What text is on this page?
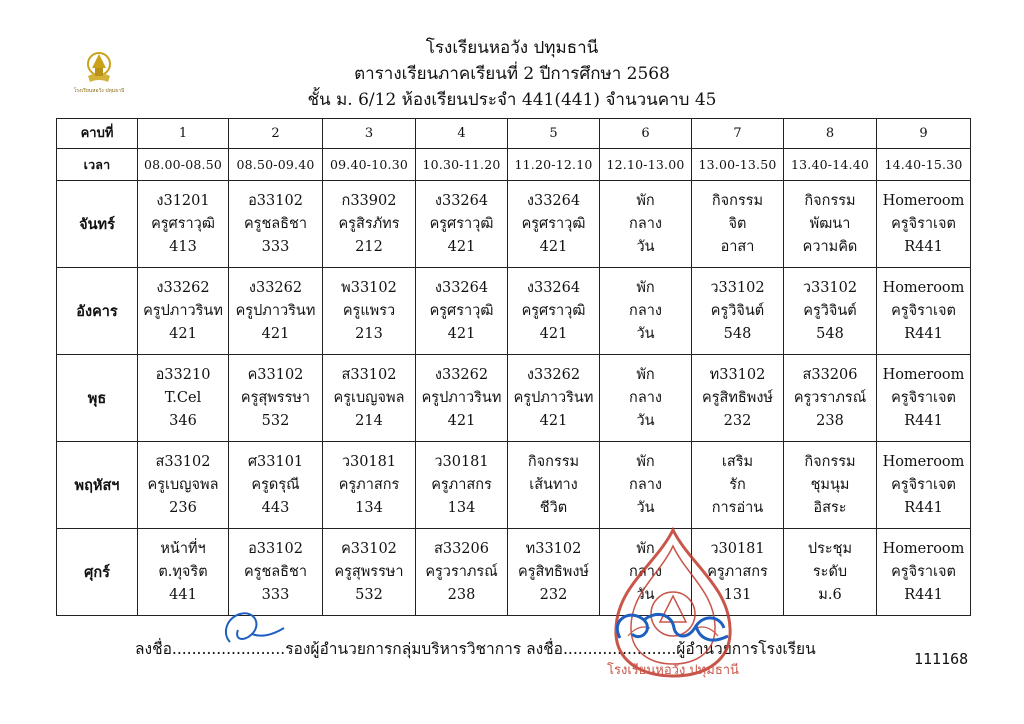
โรงเรียนหอวัง ปทุมธานี
ตารางเรียนภาคเรียนที่ 2 ปีการศึกษา 2568
ชั้น ม. 6/12 ห้องเรียนประจำ 441(441) จำนวนคาบ 45
โรงเรียนหอวัง ปทุมธานี
คาบที่	1	2	3	4	5	6	7	8	9
เวลา	08.00-08.50	08.50-09.40	09.40-10.30	10.30-11.20	11.20-12.10	12.10-13.00	13.00-13.50	13.40-14.40	14.40-15.30
จันทร์	ง31201
ครูศราวุฒิ
413	อ33102
ครูชลธิชา
333	ก33902
ครูสิรภัทร
212	ง33264
ครูศราวุฒิ
421	ง33264
ครูศราวุฒิ
421	พัก
กลาง
วัน	กิจกรรม
จิต
อาสา	กิจกรรม
พัฒนา
ความคิด	Homeroom
ครูจิราเจต
R441

อังคาร	ง33262
ครูปภาวรินท
421	ง33262
ครูปภาวรินท
421	พ33102
ครูแพรว
213	ง33264
ครูศราวุฒิ
421	ง33264
ครูศราวุฒิ
421	พัก
กลาง
วัน	ว33102
ครูวิจินต์
548	ว33102
ครูวิจินต์
548	Homeroom
ครูจิราเจต
R441

พุธ	อ33210
T.Cel
346	ค33102
ครูสุพรรษา
532	ส33102
ครูเบญจพล
214	ง33262
ครูปภาวรินท
421	ง33262
ครูปภาวรินท
421	พัก
กลาง
วัน	ท33102
ครูสิทธิพงษ์
232	ส33206
ครูวราภรณ์
238	Homeroom
ครูจิราเจต
R441

พฤหัสฯ	ส33102
ครูเบญจพล
236	ศ33101
ครูดรุณี
443	ว30181
ครูภาสกร
134	ว30181
ครูภาสกร
134	กิจกรรม
เส้นทาง
ชีวิต	พัก
กลาง
วัน	เสริม
รัก
การอ่าน	กิจกรรม
ชุมนุม
อิสระ	Homeroom
ครูจิราเจต
R441

ศุกร์	หน้าที่ฯ
ต.ทุจริต
441	อ33102
ครูชลธิชา
333	ค33102
ครูสุพรรษา
532	ส33206
ครูวราภรณ์
238	ท33102
ครูสิทธิพงษ์
232	พัก
กลาง
วัน	ว30181
ครูภาสกร
131	ประชุม
ระดับ
ม.6	Homeroom
ครูจิราเจต
R441
ลงชื่อ.......................รองผู้อำนวยการกลุ่มบริหารวิชาการ ลงชื่อ.......................ผู้อำนวยการโรงเรียน
111168
โรงเรียนหอวัง ปทุมธานี
